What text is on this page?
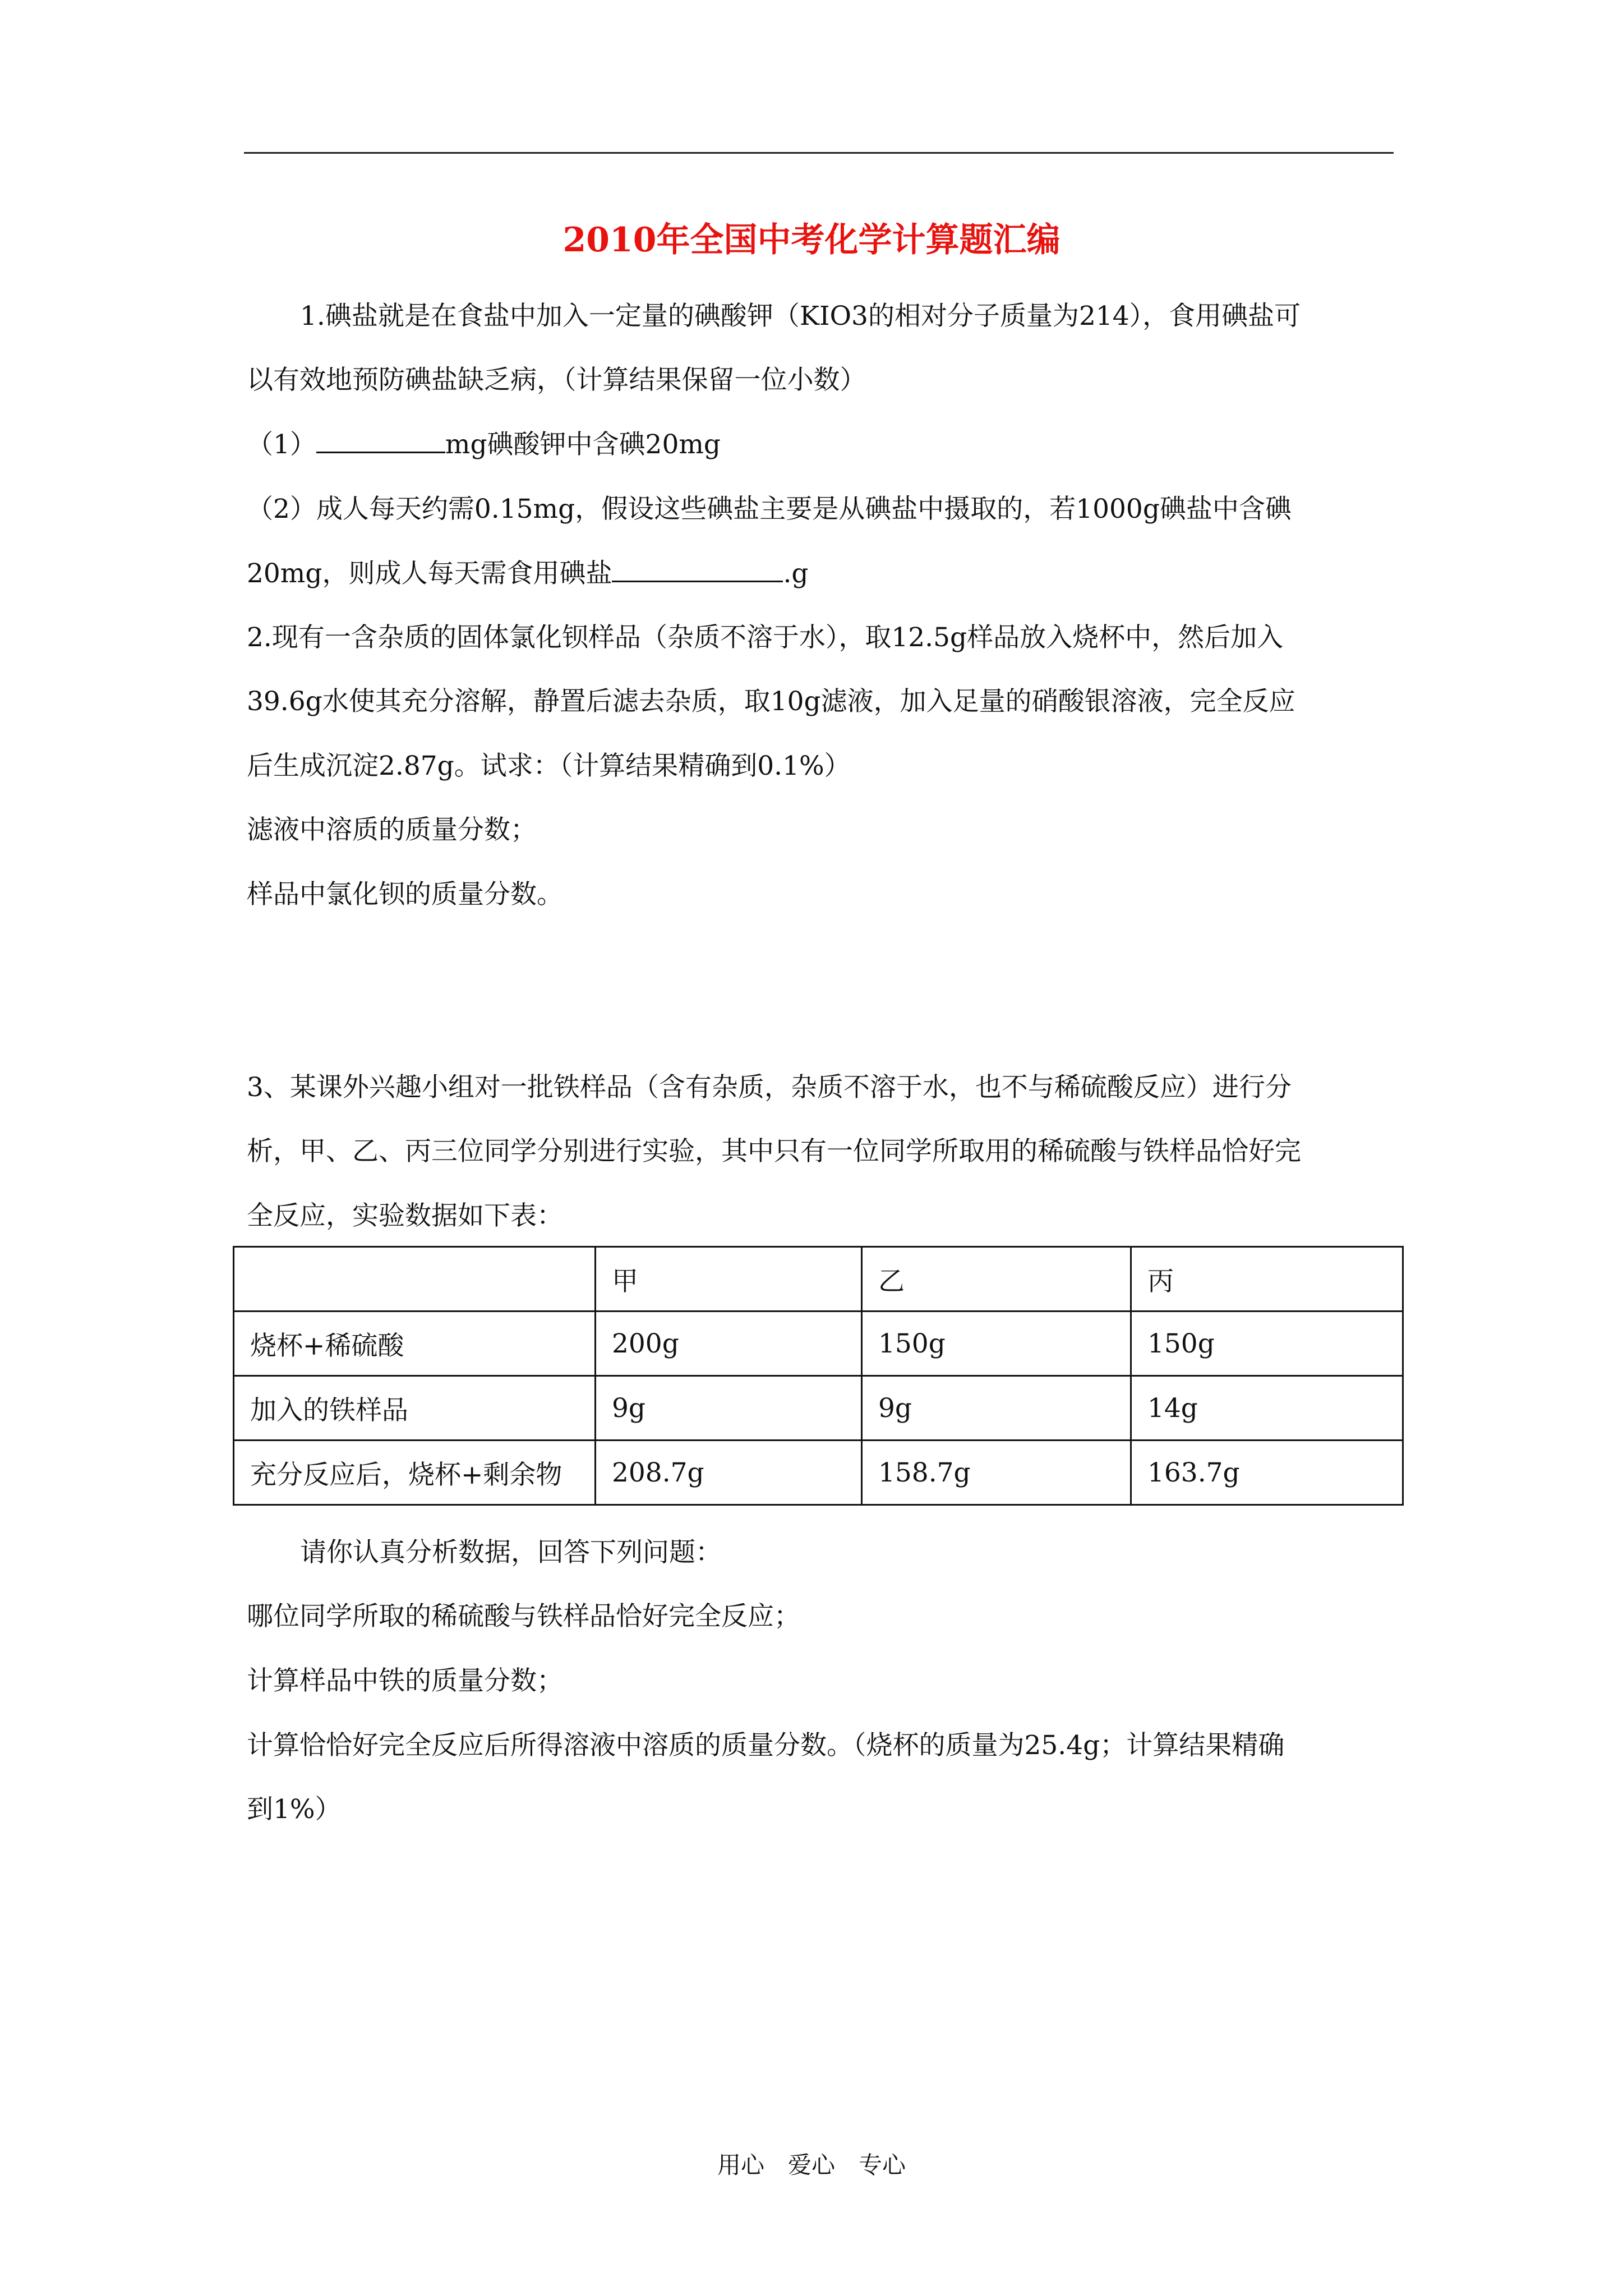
2010年全国中考化学计算题汇编
1.碘盐就是在食盐中加入一定量的碘酸钾（KIO3的相对分子质量为214），食用碘盐可
以有效地预防碘盐缺乏病，（计算结果保留一位小数）
（1）	mg碘酸钾中含碘20mg
（2）成人每天约需0.15mg，假设这些碘盐主要是从碘盐中摄取的，若1000g碘盐中含碘
20mg，则成人每天需食用碘盐	.g
2.现有一含杂质的固体氯化钡样品（杂质不溶于水），取12.5g样品放入烧杯中，然后加入
39.6g水使其充分溶解，静置后滤去杂质，取10g滤液，加入足量的硝酸银溶液，完全反应
后生成沉淀2.87g。试求：（计算结果精确到0.1%）
滤液中溶质的质量分数；
样品中氯化钡的质量分数。
3、某课外兴趣小组对一批铁样品（含有杂质，杂质不溶于水，也不与稀硫酸反应）进行分
析，甲、乙、丙三位同学分别进行实验，其中只有一位同学所取用的稀硫酸与铁样品恰好完
全反应，实验数据如下表：
	甲	乙	丙
烧杯+稀硫酸	200g	150g	150g
加入的铁样品	9g	9g	14g
充分反应后，烧杯+剩余物	208.7g	158.7g	163.7g
请你认真分析数据，回答下列问题：
哪位同学所取的稀硫酸与铁样品恰好完全反应；
计算样品中铁的质量分数；
计算恰恰好完全反应后所得溶液中溶质的质量分数。（烧杯的质量为25.4g；计算结果精确
到1%）
用心　爱心　专心
